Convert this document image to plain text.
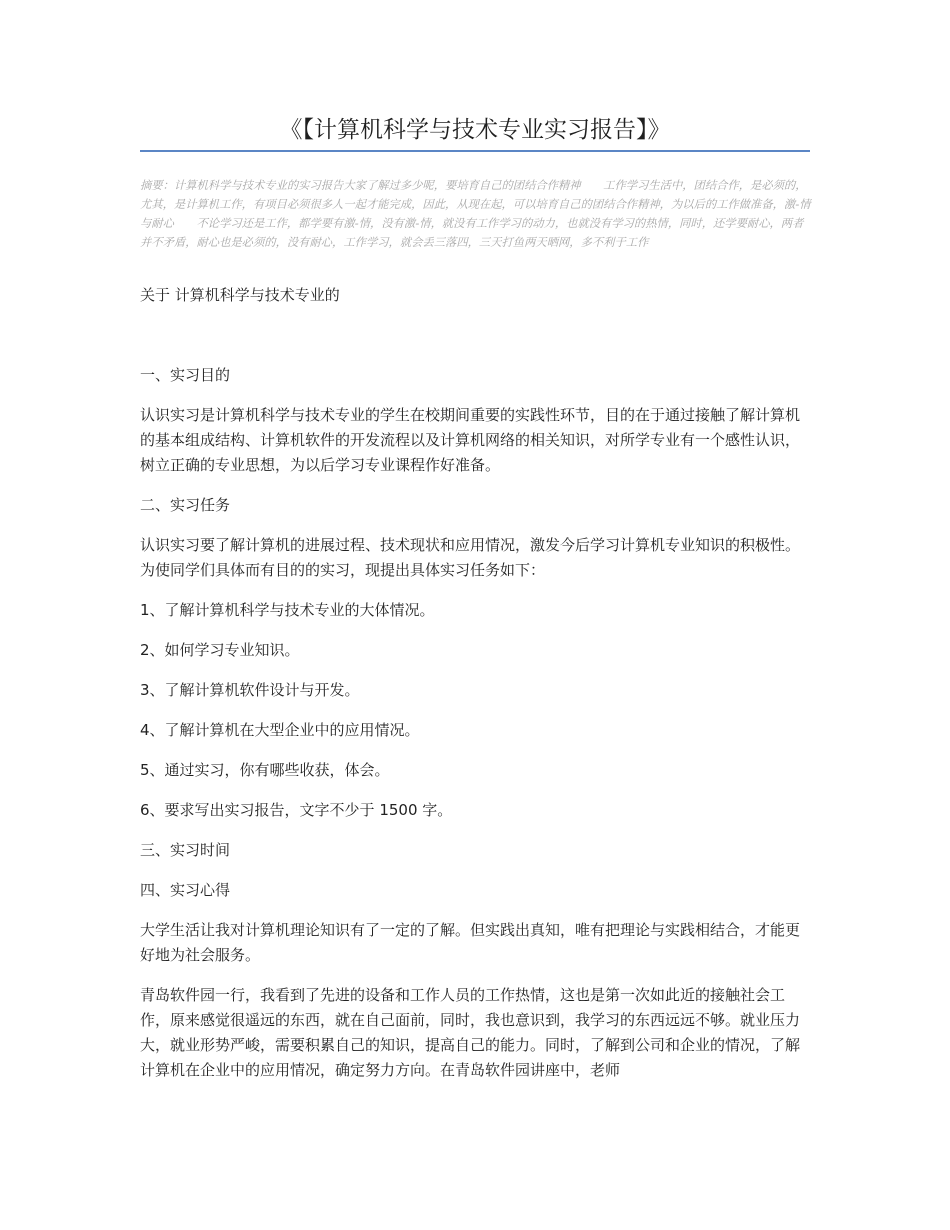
《【计算机科学与技术专业实习报告】》

摘要：计算机科学与技术专业的实习报告大家了解过多少呢，要培育自己的团结合作精神　　工作学习生活中，团结合作，是必须的，尤其，是计算机工作，有项目必须很多人一起才能完成，因此，从现在起，可以培育自己的团结合作精神，为以后的工作做准备，激-情与耐心　　不论学习还是工作，都学要有激-情，没有激-情，就没有工作学习的动力，也就没有学习的热情，同时，还学要耐心，两者并不矛盾，耐心也是必须的，没有耐心，工作学习，就会丢三落四，三天打鱼两天晒网，多不利于工作

关于 计算机科学与技术专业的

一、实习目的

认识实习是计算机科学与技术专业的学生在校期间重要的实践性环节，目的在于通过接触了解计算机的基本组成结构、计算机软件的开发流程以及计算机网络的相关知识，对所学专业有一个感性认识，树立正确的专业思想，为以后学习专业课程作好准备。

二、实习任务

认识实习要了解计算机的进展过程、技术现状和应用情况，激发今后学习计算机专业知识的积极性。为使同学们具体而有目的的实习，现提出具体实习任务如下：

1、了解计算机科学与技术专业的大体情况。

2、如何学习专业知识。

3、了解计算机软件设计与开发。

4、了解计算机在大型企业中的应用情况。

5、通过实习，你有哪些收获，体会。

6、要求写出实习报告，文字不少于 1500 字。

三、实习时间

四、实习心得

大学生活让我对计算机理论知识有了一定的了解。但实践出真知，唯有把理论与实践相结合，才能更好地为社会服务。

青岛软件园一行，我看到了先进的设备和工作人员的工作热情，这也是第一次如此近的接触社会工作，原来感觉很遥远的东西，就在自己面前，同时，我也意识到，我学习的东西远远不够。就业压力大，就业形势严峻，需要积累自己的知识，提高自己的能力。同时，了解到公司和企业的情况，了解计算机在企业中的应用情况，确定努力方向。在青岛软件园讲座中，老师
